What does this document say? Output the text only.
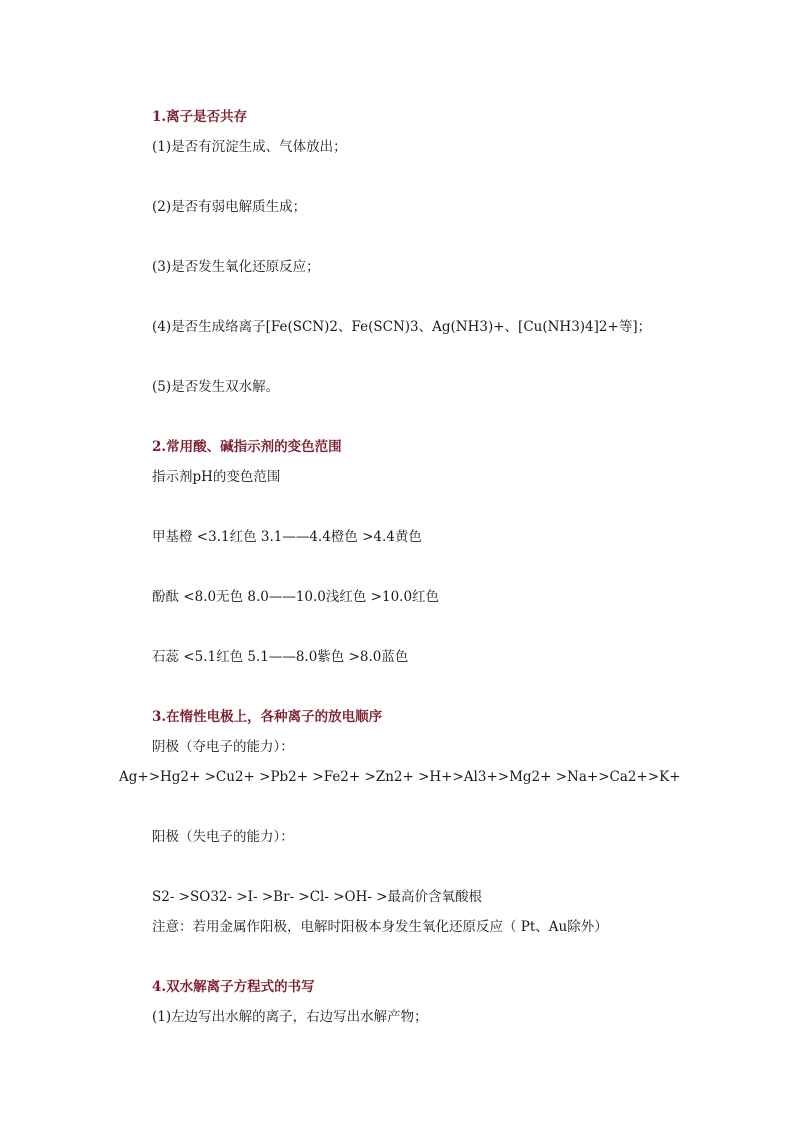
1.离子是否共存
(1)是否有沉淀生成、气体放出；
(2)是否有弱电解质生成；
(3)是否发生氧化还原反应；
(4)是否生成络离子[Fe(SCN)2、Fe(SCN)3、Ag(NH3)+、[Cu(NH3)4]2+等]；
(5)是否发生双水解。
2.常用酸、碱指示剂的变色范围
指示剂pH的变色范围
甲基橙 <3.1红色 3.1——4.4橙色 >4.4黄色
酚酞 <8.0无色 8.0——10.0浅红色 >10.0红色
石蕊 <5.1红色 5.1——8.0紫色 >8.0蓝色
3.在惰性电极上，各种离子的放电顺序
阴极（夺电子的能力）：
Ag+>Hg2+ >Cu2+ >Pb2+ >Fe2+ >Zn2+ >H+>Al3+>Mg2+ >Na+>Ca2+>K+
阳极（失电子的能力）：
S2- >SO32- >I- >Br- >Cl- >OH- >最高价含氧酸根
注意：若用金属作阳极，电解时阳极本身发生氧化还原反应（ Pt、Au除外）
4.双水解离子方程式的书写
(1)左边写出水解的离子，右边写出水解产物；
